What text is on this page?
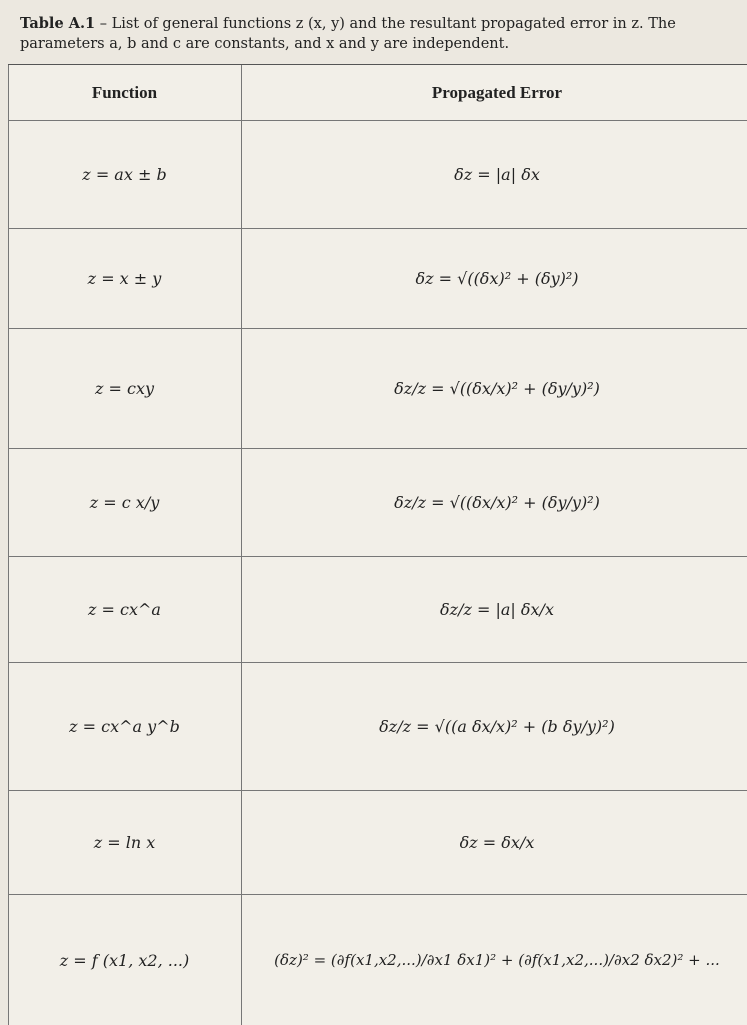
Table A.1 – List of general functions z (x, y) and the resultant propagated error in z. The parameters a, b and c are constants, and x and y are independent.
Function	Propagated Error
z = ax ± b	δz = |a| δx
z = x ± y	δz = √((δx)² + (δy)²)
z = cxy	δz/z = √((δx/x)² + (δy/y)²)
z = c x/y	δz/z = √((δx/x)² + (δy/y)²)
z = cx^a	δz/z = |a| δx/x
z = cx^a y^b	δz/z = √((a δx/x)² + (b δy/y)²)
z = ln x	δz = δx/x
z = f (x1, x2, ...)	(δz)² = (∂f(x1,x2,...)/∂x1 δx1)² + (∂f(x1,x2,...)/∂x2 δx2)² + ...
